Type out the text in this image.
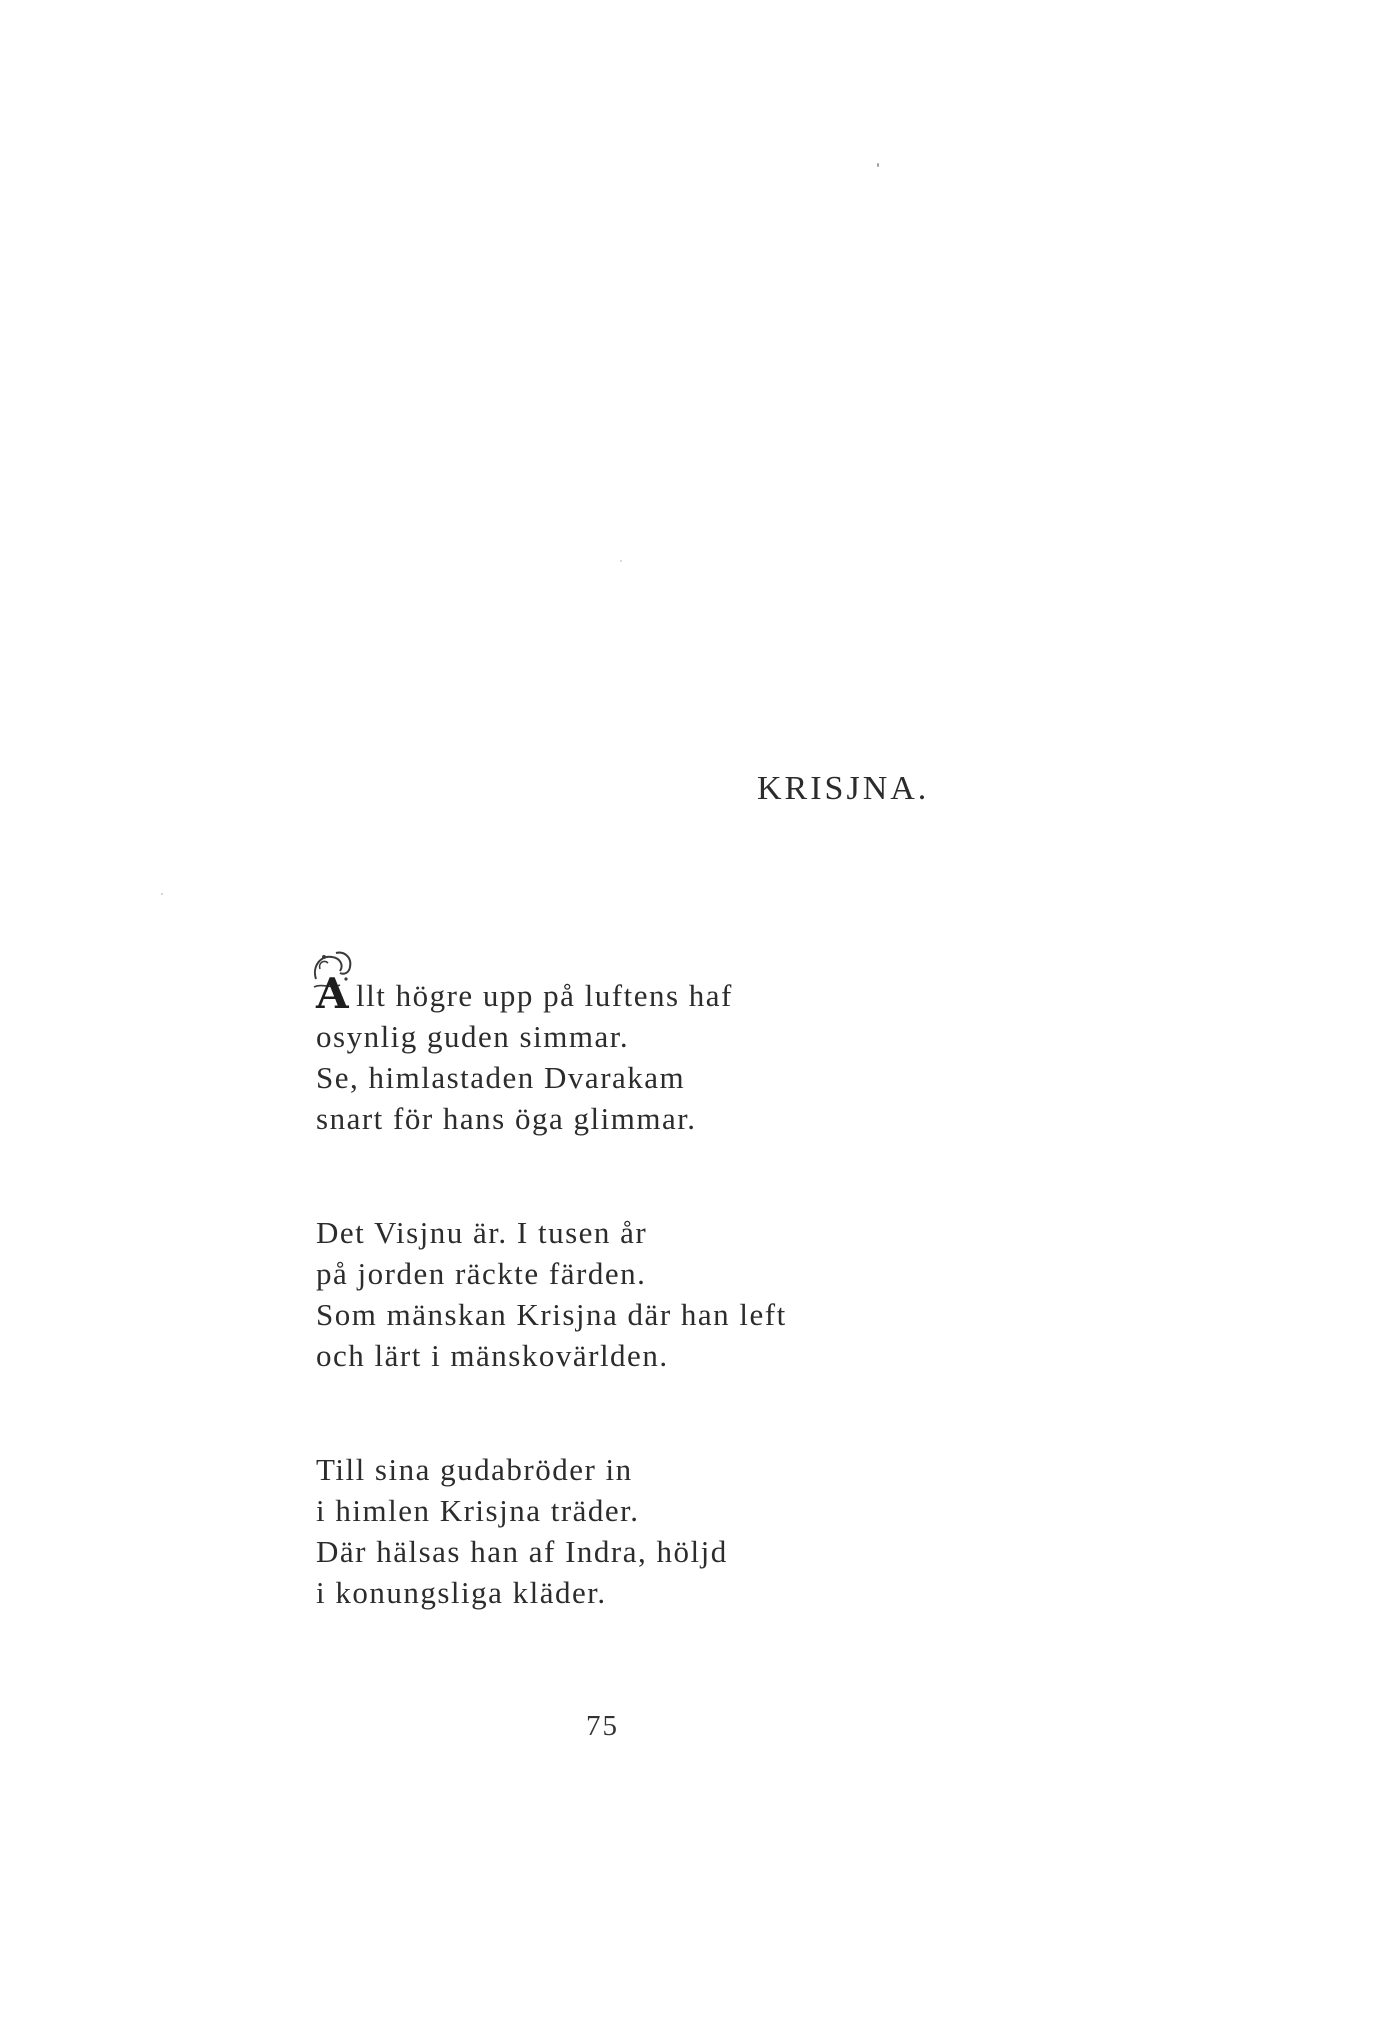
KRISJNA.
A llt högre upp på luftens haf
osynlig guden simmar.
Se, himlastaden Dvarakam
snart för hans öga glimmar.
Det Visjnu är. I tusen år
på jorden räckte färden.
Som mänskan Krisjna där han left
och lärt i mänskovärlden.
Till sina gudabröder in
i himlen Krisjna träder.
Där hälsas han af Indra, höljd
i konungsliga kläder.
75
